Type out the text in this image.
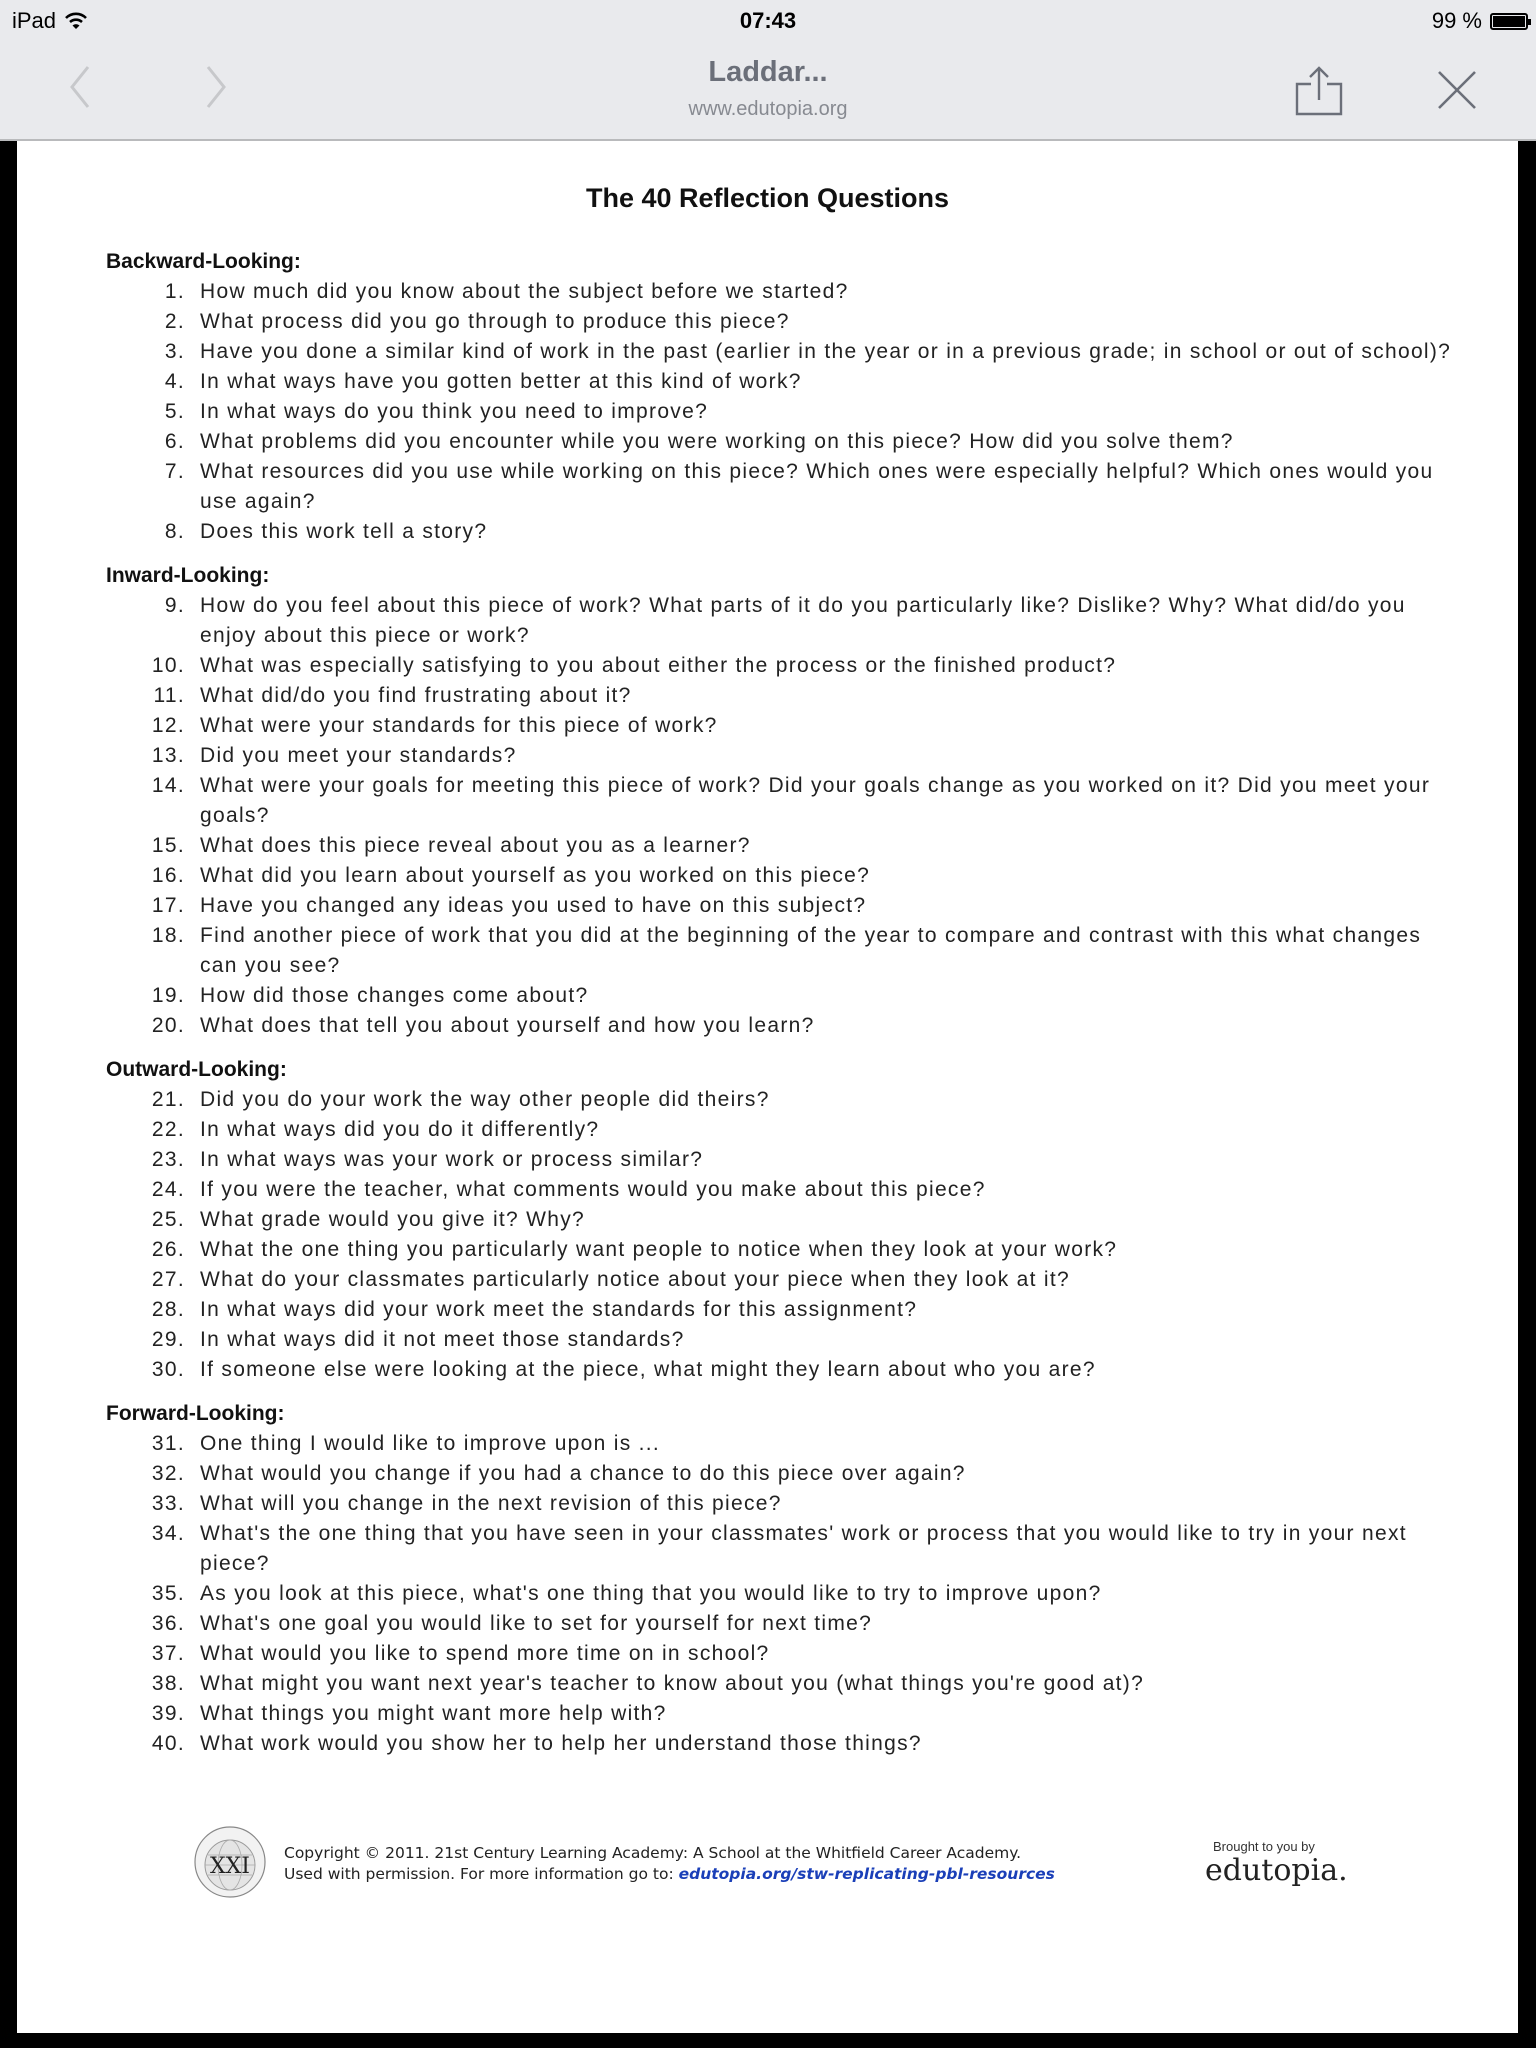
iPad	07:43	99 %
Laddar...
www.edutopia.org
The 40 Reflection Questions
Backward-Looking:
1. How much did you know about the subject before we started?
2. What process did you go through to produce this piece?
3. Have you done a similar kind of work in the past (earlier in the year or in a previous grade; in school or out of school)?
4. In what ways have you gotten better at this kind of work?
5. In what ways do you think you need to improve?
6. What problems did you encounter while you were working on this piece? How did you solve them?
7. What resources did you use while working on this piece? Which ones were especially helpful? Which ones would you use again?
8. Does this work tell a story?
Inward-Looking:
9. How do you feel about this piece of work? What parts of it do you particularly like? Dislike? Why? What did/do you enjoy about this piece or work?
10. What was especially satisfying to you about either the process or the finished product?
11. What did/do you find frustrating about it?
12. What were your standards for this piece of work?
13. Did you meet your standards?
14. What were your goals for meeting this piece of work? Did your goals change as you worked on it? Did you meet your goals?
15. What does this piece reveal about you as a learner?
16. What did you learn about yourself as you worked on this piece?
17. Have you changed any ideas you used to have on this subject?
18. Find another piece of work that you did at the beginning of the year to compare and contrast with this what changes can you see?
19. How did those changes come about?
20. What does that tell you about yourself and how you learn?
Outward-Looking:
21. Did you do your work the way other people did theirs?
22. In what ways did you do it differently?
23. In what ways was your work or process similar?
24. If you were the teacher, what comments would you make about this piece?
25. What grade would you give it? Why?
26. What the one thing you particularly want people to notice when they look at your work?
27. What do your classmates particularly notice about your piece when they look at it?
28. In what ways did your work meet the standards for this assignment?
29. In what ways did it not meet those standards?
30. If someone else were looking at the piece, what might they learn about who you are?
Forward-Looking:
31. One thing I would like to improve upon is ...
32. What would you change if you had a chance to do this piece over again?
33. What will you change in the next revision of this piece?
34. What's the one thing that you have seen in your classmates' work or process that you would like to try in your next piece?
35. As you look at this piece, what's one thing that you would like to try to improve upon?
36. What's one goal you would like to set for yourself for next time?
37. What would you like to spend more time on in school?
38. What might you want next year's teacher to know about you (what things you're good at)?
39. What things you might want more help with?
40. What work would you show her to help her understand those things?
XXI
Copyright © 2011. 21st Century Learning Academy: A School at the Whitfield Career Academy.
Used with permission. For more information go to: edutopia.org/stw-replicating-pbl-resources
Brought to you by
edutopia.
